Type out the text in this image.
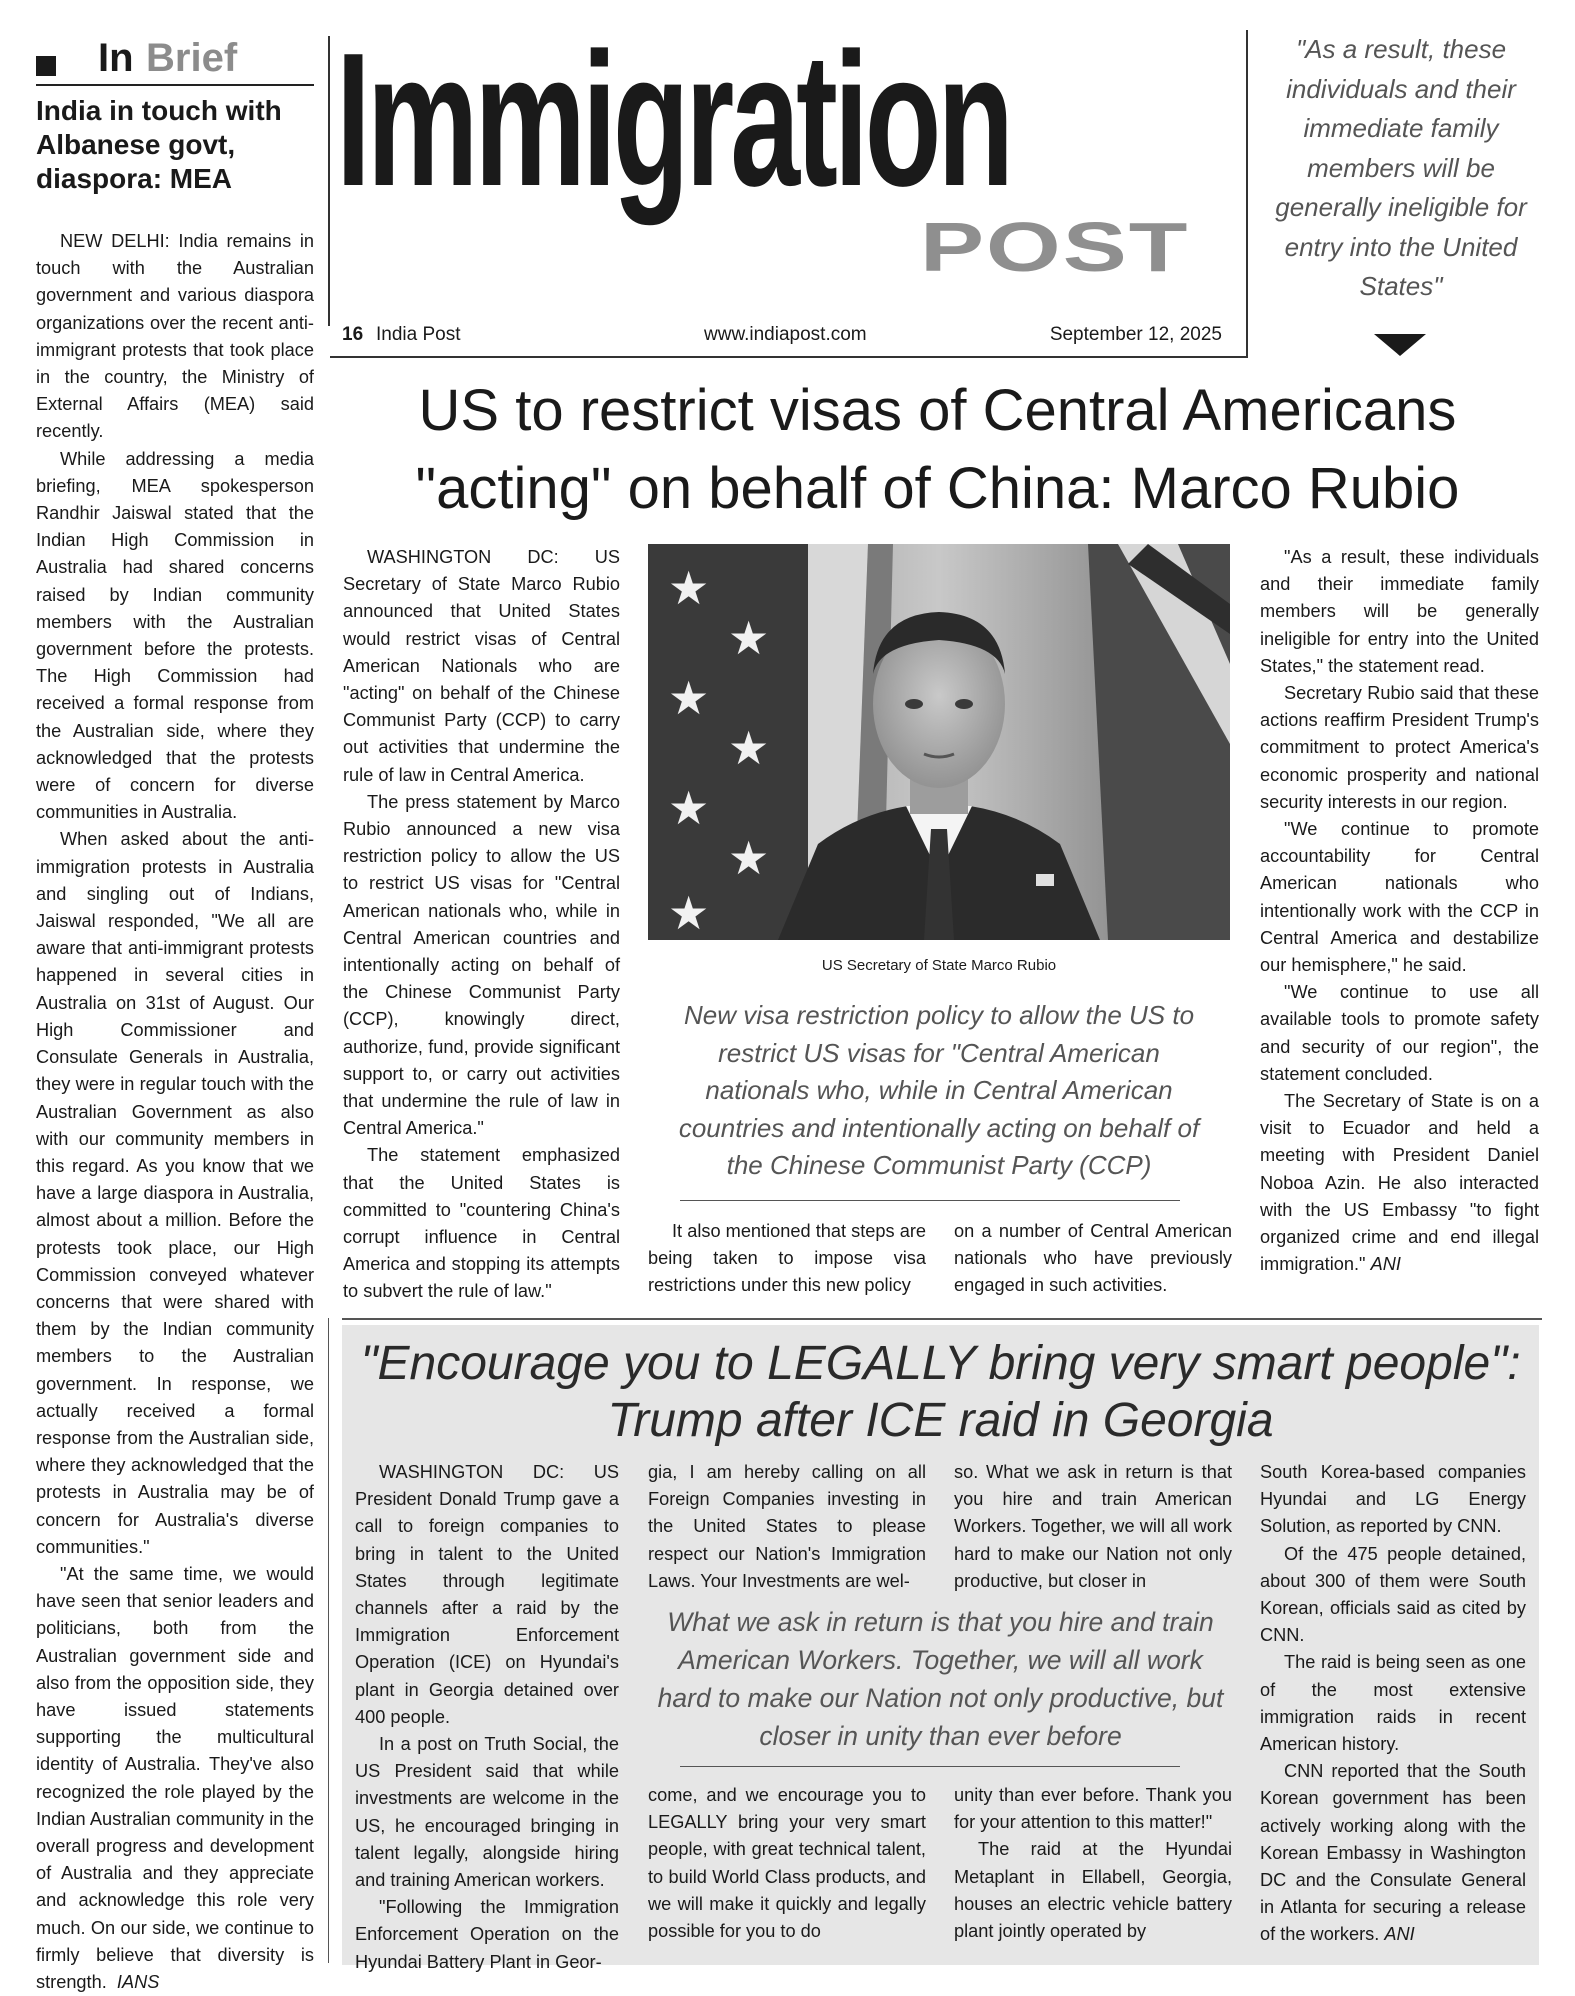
In Brief
India in touch with Albanese govt, diaspora: MEA

NEW DELHI: India remains in touch with the Australian government and various diaspora organizations over the recent anti-immigrant protests that took place in the country, the Ministry of External Affairs (MEA) said recently.

While addressing a media briefing, MEA spokesperson Randhir Jaiswal stated that the Indian High Commission in Australia had shared concerns raised by Indian community members with the Australian government before the protests. The High Commission had received a formal response from the Australian side, where they acknowledged that the protests were of concern for diverse communities in Australia.

When asked about the anti-immigration protests in Australia and singling out of Indians, Jaiswal responded, "We all are aware that anti-immigrant protests happened in several cities in Australia on 31st of August. Our High Commissioner and Consulate Generals in Australia, they were in regular touch with the Australian Government as also with our community members in this regard. As you know that we have a large diaspora in Australia, almost about a million. Before the protests took place, our High Commission conveyed whatever concerns that were shared with them by the Indian community members to the Australian government. In response, we actually received a formal response from the Australian side, where they acknowledged that the protests in Australia may be of concern for Australia's diverse communities."

"At the same time, we would have seen that senior leaders and politicians, both from the Australian government side and also from the opposition side, they have issued statements supporting the multicultural identity of Australia. They've also recognized the role played by the Indian Australian community in the overall progress and development of Australia and they appreciate and acknowledge this role very much. On our side, we continue to firmly believe that diversity is strength. IANS

Immigration
POST
16 India Post	www.indiapost.com	September 12, 2025
"As a result, these individuals and their immediate family members will be generally ineligible for entry into the United States"
US to restrict visas of Central Americans "acting" on behalf of China: Marco Rubio

WASHINGTON DC: US Secretary of State Marco Rubio announced that United States would restrict visas of Central American Nationals who are "acting" on behalf of the Chinese Communist Party (CCP) to carry out activities that undermine the rule of law in Central America.

The press statement by Marco Rubio announced a new visa restriction policy to allow the US to restrict US visas for "Central American nationals who, while in Central American countries and intentionally acting on behalf of the Chinese Communist Party (CCP), knowingly direct, authorize, fund, provide significant support to, or carry out activities that undermine the rule of law in Central America."

The statement emphasized that the United States is committed to "countering China's corrupt influence in Central America and stopping its attempts to subvert the rule of law."

★
★
★
★
★
★
★
US Secretary of State Marco Rubio
New visa restriction policy to allow the US to restrict US visas for "Central American nationals who, while in Central American countries and intentionally acting on behalf of the Chinese Communist Party (CCP)

It also mentioned that steps are being taken to impose visa restrictions under this new policy

on a number of Central American nationals who have previously engaged in such activities.

"As a result, these individuals and their immediate family members will be generally ineligible for entry into the United States," the statement read.

Secretary Rubio said that these actions reaffirm President Trump's commitment to protect America's economic prosperity and national security interests in our region.

"We continue to promote accountability for Central American nationals who intentionally work with the CCP in Central America and destabilize our hemisphere," he said.

"We continue to use all available tools to promote safety and security of our region", the statement concluded.

The Secretary of State is on a visit to Ecuador and held a meeting with President Daniel Noboa Azin. He also interacted with the US Embassy "to fight organized crime and end illegal immigration." ANI

"Encourage you to LEGALLY bring very smart people": Trump after ICE raid in Georgia

WASHINGTON DC: US President Donald Trump gave a call to foreign companies to bring in talent to the United States through legitimate channels after a raid by the Immigration Enforcement Operation (ICE) on Hyundai's plant in Georgia detained over 400 people.

In a post on Truth Social, the US President said that while investments are welcome in the US, he encouraged bringing in talent legally, alongside hiring and training American workers.

"Following the Immigration Enforcement Operation on the Hyundai Battery Plant in Geor-

gia, I am hereby calling on all Foreign Companies investing in the United States to please respect our Nation's Immigration Laws. Your Investments are wel-

so. What we ask in return is that you hire and train American Workers. Together, we will all work hard to make our Nation not only productive, but closer in

What we ask in return is that you hire and train American Workers. Together, we will all work hard to make our Nation not only productive, but closer in unity than ever before

come, and we encourage you to LEGALLY bring your very smart people, with great technical talent, to build World Class products, and we will make it quickly and legally possible for you to do

unity than ever before. Thank you for your attention to this matter!"

The raid at the Hyundai Metaplant in Ellabell, Georgia, houses an electric vehicle battery plant jointly operated by

South Korea-based companies Hyundai and LG Energy Solution, as reported by CNN.

Of the 475 people detained, about 300 of them were South Korean, officials said as cited by CNN.

The raid is being seen as one of the most extensive immigration raids in recent American history.

CNN reported that the South Korean government has been actively working along with the Korean Embassy in Washington DC and the Consulate General in Atlanta for securing a release of the workers. ANI
